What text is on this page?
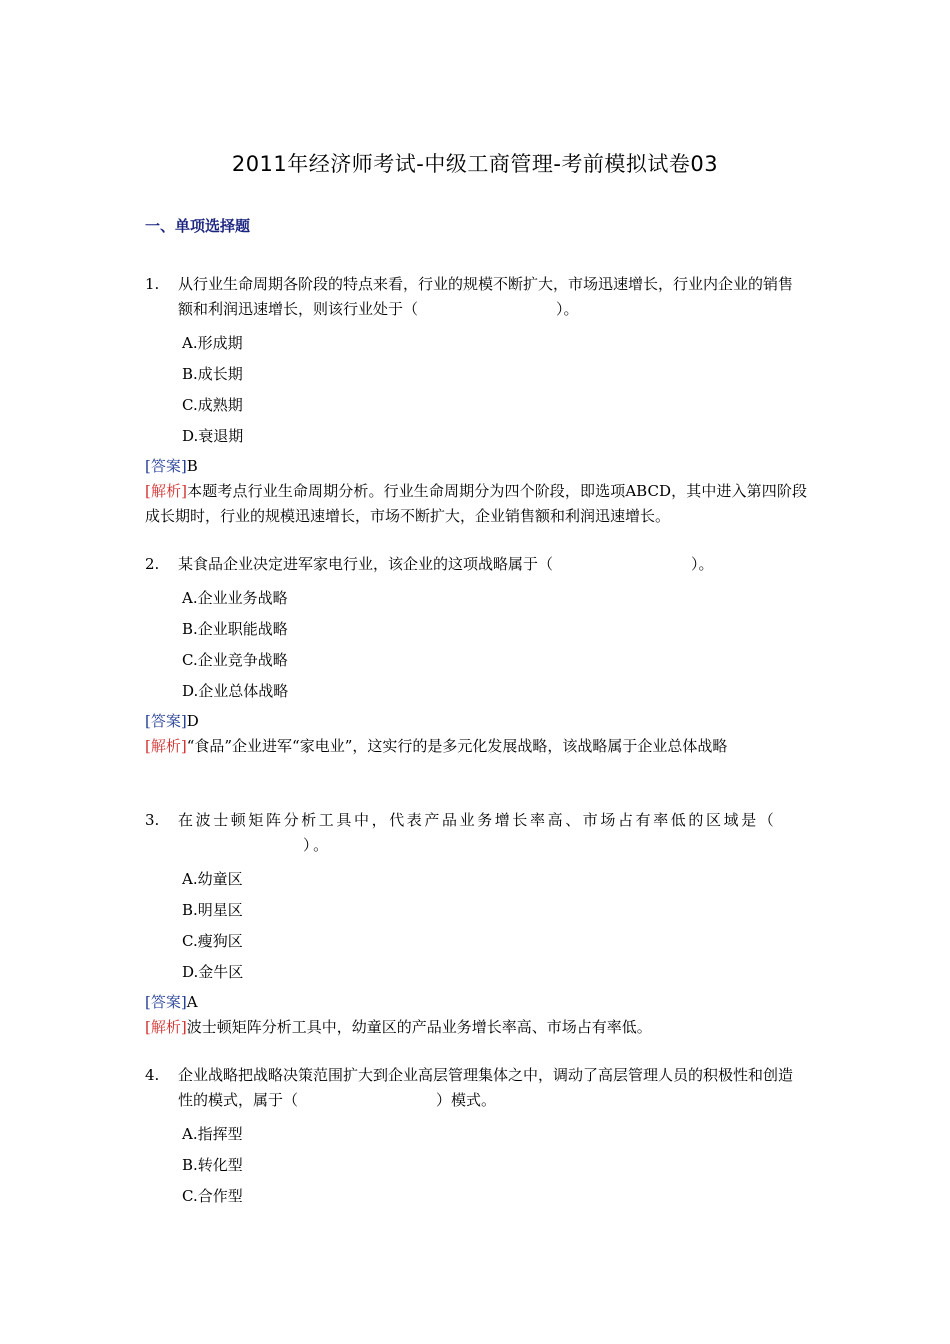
2011年经济师考试-中级工商管理-考前模拟试卷03
一、单项选择题

1. 从行业生命周期各阶段的特点来看，行业的规模不断扩大，市场迅速增长，行业内企业的销售额和利润迅速增长，则该行业处于（	）。

A.形成期
B.成长期
C.成熟期
D.衰退期
[答案]B
[解析]本题考点行业生命周期分析。行业生命周期分为四个阶段，即选项ABCD，其中进入第四阶段成长期时，行业的规模迅速增长，市场不断扩大，企业销售额和利润迅速增长。

2. 某食品企业决定进军家电行业，该企业的这项战略属于（	）。

A.企业业务战略
B.企业职能战略
C.企业竞争战略
D.企业总体战略
[答案]D
[解析]“食品”企业进军“家电业”，这实行的是多元化发展战略，该战略属于企业总体战略

3. 在波士顿矩阵分析工具中，代表产品业务增长率高、市场占有率低的区域是（）。

A.幼童区
B.明星区
C.瘦狗区
D.金牛区
[答案]A
[解析]波士顿矩阵分析工具中，幼童区的产品业务增长率高、市场占有率低。

4. 企业战略把战略决策范围扩大到企业高层管理集体之中，调动了高层管理人员的积极性和创造性的模式，属于（	）模式。

A.指挥型
B.转化型
C.合作型
